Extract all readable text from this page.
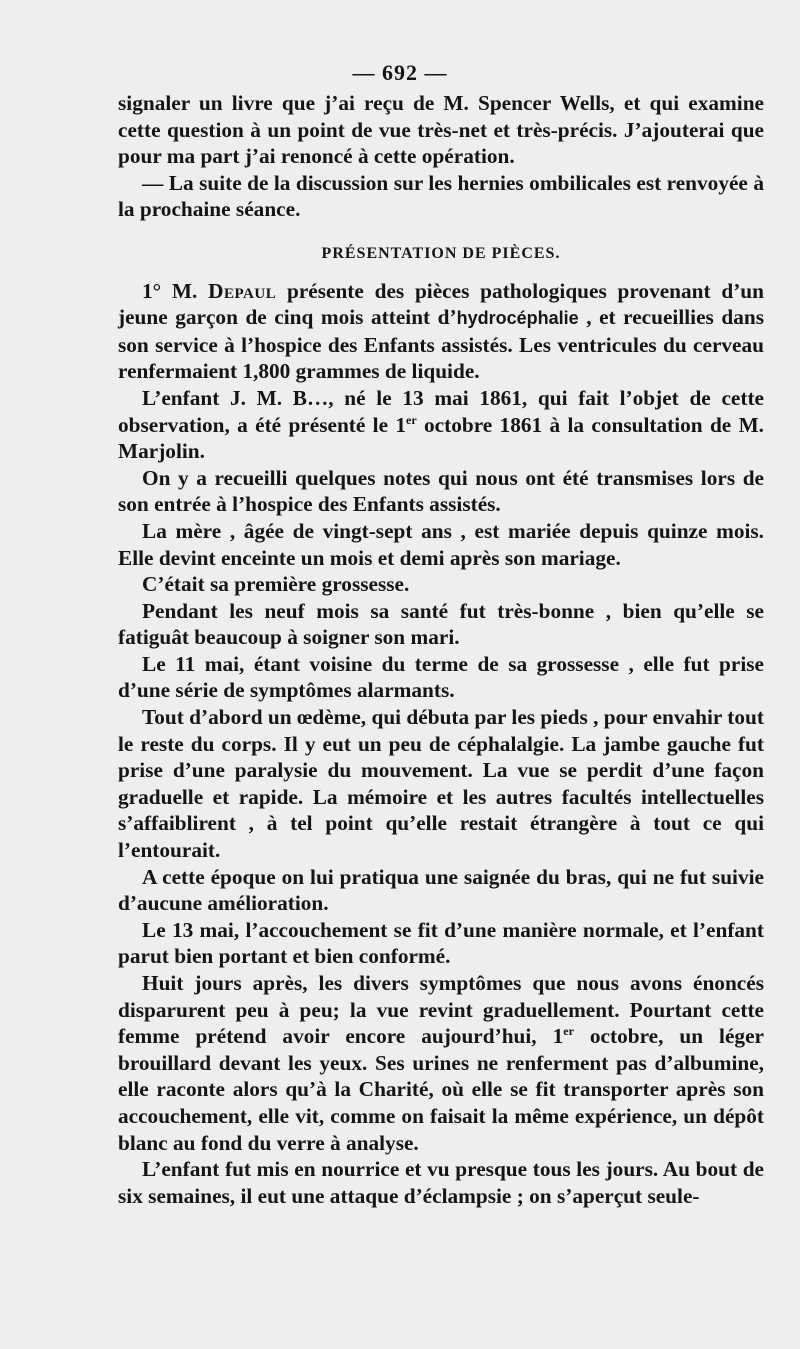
— 692 —

signaler un livre que j’ai reçu de M. Spencer Wells, et qui examine cette question à un point de vue très-net et très-précis. J’ajouterai que pour ma part j’ai renoncé à cette opération.

— La suite de la discussion sur les hernies ombilicales est renvoyée à la prochaine séance.

PRÉSENTATION DE PIÈCES.

1° M. Depaul présente des pièces pathologiques provenant d’un jeune garçon de cinq mois atteint d’hydrocéphalie , et recueillies dans son service à l’hospice des Enfants assistés. Les ventricules du cerveau renfermaient 1,800 grammes de liquide.

L’enfant J. M. B…, né le 13 mai 1861, qui fait l’objet de cette observation, a été présenté le 1er octobre 1861 à la consultation de M. Marjolin.

On y a recueilli quelques notes qui nous ont été transmises lors de son entrée à l’hospice des Enfants assistés.

La mère , âgée de vingt-sept ans , est mariée depuis quinze mois. Elle devint enceinte un mois et demi après son mariage.

C’était sa première grossesse.

Pendant les neuf mois sa santé fut très-bonne , bien qu’elle se fatiguât beaucoup à soigner son mari.

Le 11 mai, étant voisine du terme de sa grossesse , elle fut prise d’une série de symptômes alarmants.

Tout d’abord un œdème, qui débuta par les pieds , pour envahir tout le reste du corps. Il y eut un peu de céphalalgie. La jambe gauche fut prise d’une paralysie du mouvement. La vue se perdit d’une façon graduelle et rapide. La mémoire et les autres facultés intellectuelles s’affaiblirent , à tel point qu’elle restait étrangère à tout ce qui l’entourait.

A cette époque on lui pratiqua une saignée du bras, qui ne fut suivie d’aucune amélioration.

Le 13 mai, l’accouchement se fit d’une manière normale, et l’enfant parut bien portant et bien conformé.

Huit jours après, les divers symptômes que nous avons énoncés disparurent peu à peu; la vue revint graduellement. Pourtant cette femme prétend avoir encore aujourd’hui, 1er octobre, un léger brouillard devant les yeux. Ses urines ne renferment pas d’albumine, elle raconte alors qu’à la Charité, où elle se fit transporter après son accouchement, elle vit, comme on faisait la même expérience, un dépôt blanc au fond du verre à analyse.

L’enfant fut mis en nourrice et vu presque tous les jours. Au bout de six semaines, il eut une attaque d’éclampsie ; on s’aperçut seule-
